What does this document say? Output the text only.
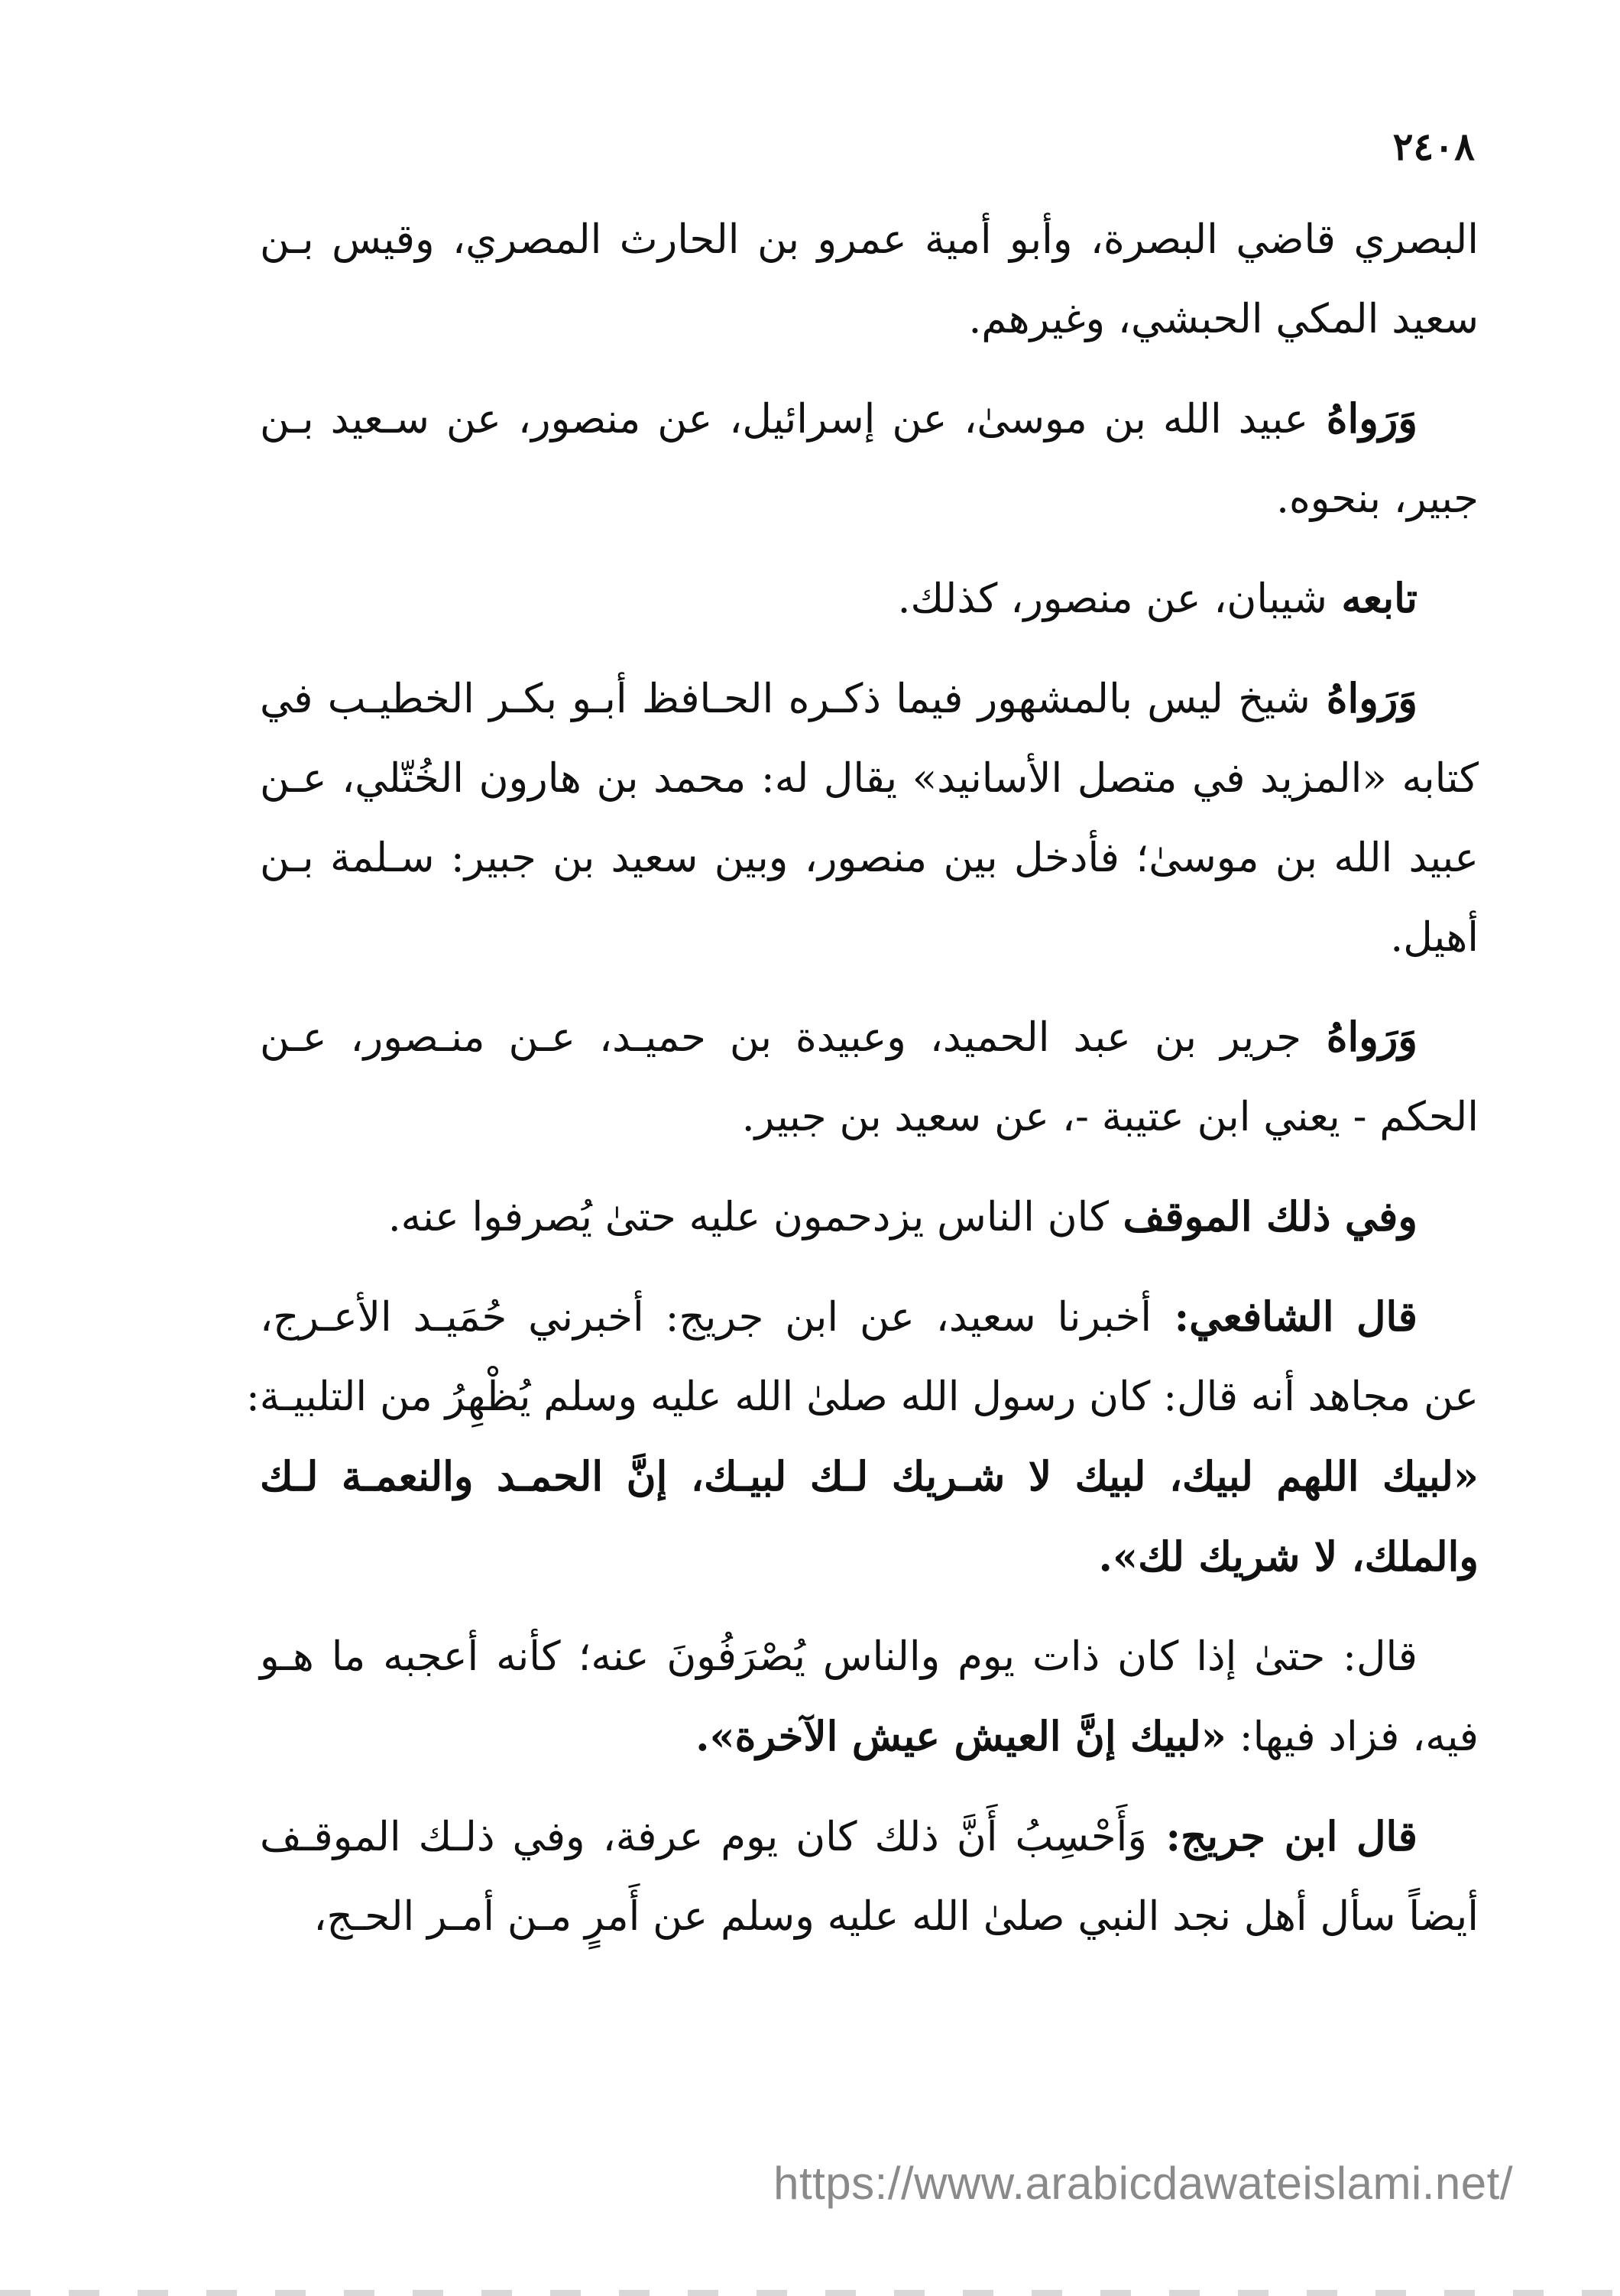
٢٤٠٨
البصري قاضي البصرة، وأبو أمية عمرو بن الحارث المصري، وقيس بـن
سعيد المكي الحبشي، وغيرهم.
وَرَواهُ عبيد الله بن موسىٰ، عن إسرائيل، عن منصور، عن سـعيد بـن
جبير، بنحوه.
تابعه شيبان، عن منصور، كذلك.
وَرَواهُ شيخ ليس بالمشهور فيما ذكـره الحـافظ أبـو بكـر الخطيـب في
كتابه «المزيد في متصل الأسانيد» يقال له: محمد بن هارون الخُتّلي، عـن
عبيد الله بن موسىٰ؛ فأدخل بين منصور، وبين سعيد بن جبير: سـلمة بـن
أهيل.
وَرَواهُ جرير بن عبد الحميد، وعبيدة بن حميـد، عـن منـصور، عـن
الحكم - يعني ابن عتيبة -، عن سعيد بن جبير.
وفي ذلك الموقف كان الناس يزدحمون عليه حتىٰ يُصرفوا عنه.
قال الشافعي: أخبرنا سعيد، عن ابن جريج: أخبرني حُمَيـد الأعـرج،
عن مجاهد أنه قال: كان رسول الله صلىٰ الله عليه وسلم يُظْهِرُ من التلبيـة:
«لبيك اللهم لبيك، لبيك لا شـريك لـك لبيـك، إنَّ الحمـد والنعمـة لـك
والملك، لا شريك لك».
قال: حتىٰ إذا كان ذات يوم والناس يُصْرَفُونَ عنه؛ كأنه أعجبه ما هـو
فيه، فزاد فيها: «لبيك إنَّ العيش عيش الآخرة».
قال ابن جريج: وَأَحْسِبُ أَنَّ ذلك كان يوم عرفة، وفي ذلـك الموقـف
أيضاً سأل أهل نجد النبي صلىٰ الله عليه وسلم عن أَمرٍ مـن أمـر الحـج،
https://www.arabicdawateislami.net/
